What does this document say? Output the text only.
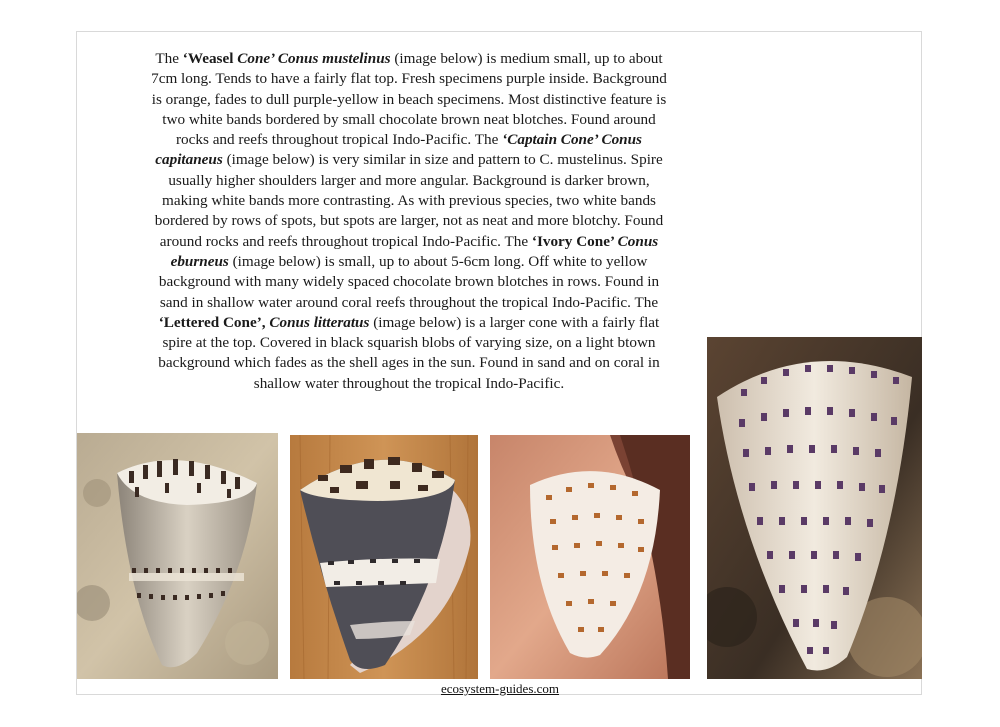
The ‘Weasel Cone’ Conus mustelinus (image below) is medium small, up to about 7cm long. Tends to have a fairly flat top. Fresh specimens purple inside. Background is orange, fades to dull purple-yellow in beach specimens. Most distinctive feature is two white bands bordered by small chocolate brown neat blotches. Found around rocks and reefs throughout tropical Indo-Pacific. The ‘Captain Cone’ Conus capitaneus (image below) is very similar in size and pattern to C. mustelinus. Spire usually higher shoulders larger and more angular. Background is darker brown, making white bands more contrasting. As with previous species, two white bands bordered by rows of spots, but spots are larger, not as neat and more blotchy. Found around rocks and reefs throughout tropical Indo-Pacific. The ‘Ivory Cone’ Conus eburneus (image below) is small, up to about 5-6cm long. Off white to yellow background with many widely spaced chocolate brown blotches in rows. Found in sand in shallow water around coral reefs throughout the tropical Indo-Pacific. The ‘Lettered Cone’, Conus litteratus (image below) is a larger cone with a fairly flat spire at the top. Covered in black squarish blobs of varying size, on a light btown background which fades as the shell ages in the sun. Found in sand and on coral in shallow water throughout the tropical Indo-Pacific.

ecosystem-guides.com
